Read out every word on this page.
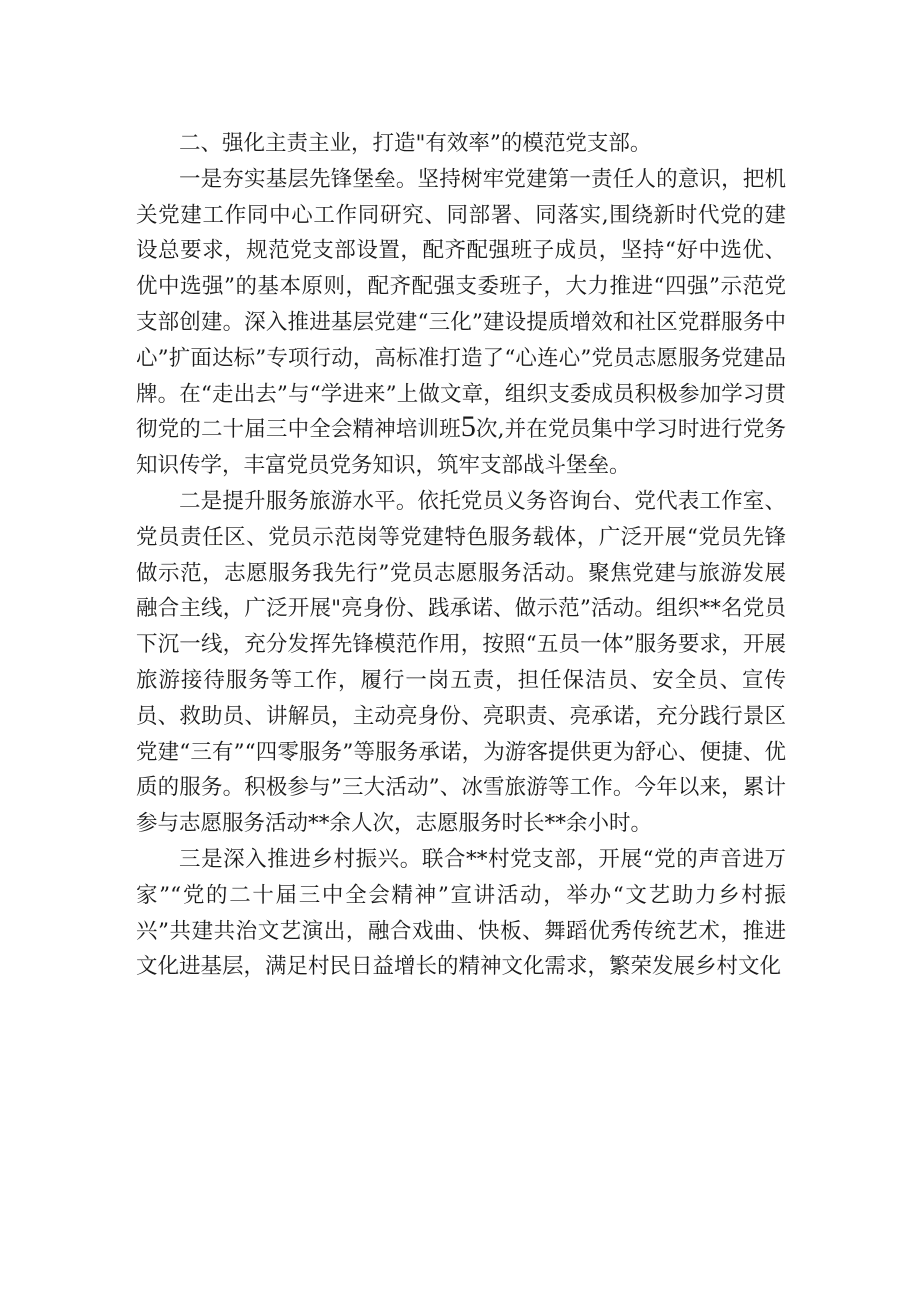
二、强化主责主业，打造"有效率”的模范党支部。

一是夯实基层先锋堡垒。坚持树牢党建第一责任人的意识，把机关党建工作同中心工作同研究、同部署、同落实,围绕新时代党的建设总要求，规范党支部设置，配齐配强班子成员，坚持“好中选优、优中选强”的基本原则，配齐配强支委班子，大力推进“四强”示范党支部创建。深入推进基层党建“三化”建设提质增效和社区党群服务中心”扩面达标”专项行动，高标准打造了“心连心”党员志愿服务党建品牌。在“走出去”与“学进来”上做文章，组织支委成员积极参加学习贯彻党的二十届三中全会精神培训班5次,并在党员集中学习时进行党务知识传学，丰富党员党务知识，筑牢支部战斗堡垒。

二是提升服务旅游水平。依托党员义务咨询台、党代表工作室、党员责任区、党员示范岗等党建特色服务载体，广泛开展“党员先锋做示范，志愿服务我先行”党员志愿服务活动。聚焦党建与旅游发展融合主线，广泛开展"亮身份、践承诺、做示范”活动。组织**名党员下沉一线，充分发挥先锋模范作用，按照“五员一体”服务要求，开展旅游接待服务等工作，履行一岗五责，担任保洁员、安全员、宣传员、救助员、讲解员，主动亮身份、亮职责、亮承诺，充分践行景区党建“三有”“四零服务”等服务承诺，为游客提供更为舒心、便捷、优质的服务。积极参与”三大活动”、冰雪旅游等工作。今年以来，累计参与志愿服务活动**余人次，志愿服务时长**余小时。

三是深入推进乡村振兴。联合**村党支部，开展“党的声音进万家”“党的二十届三中全会精神”宣讲活动，举办“文艺助力乡村振兴”共建共治文艺演出，融合戏曲、快板、舞蹈优秀传统艺术，推进文化进基层，满足村民日益增长的精神文化需求，繁荣发展乡村文化
